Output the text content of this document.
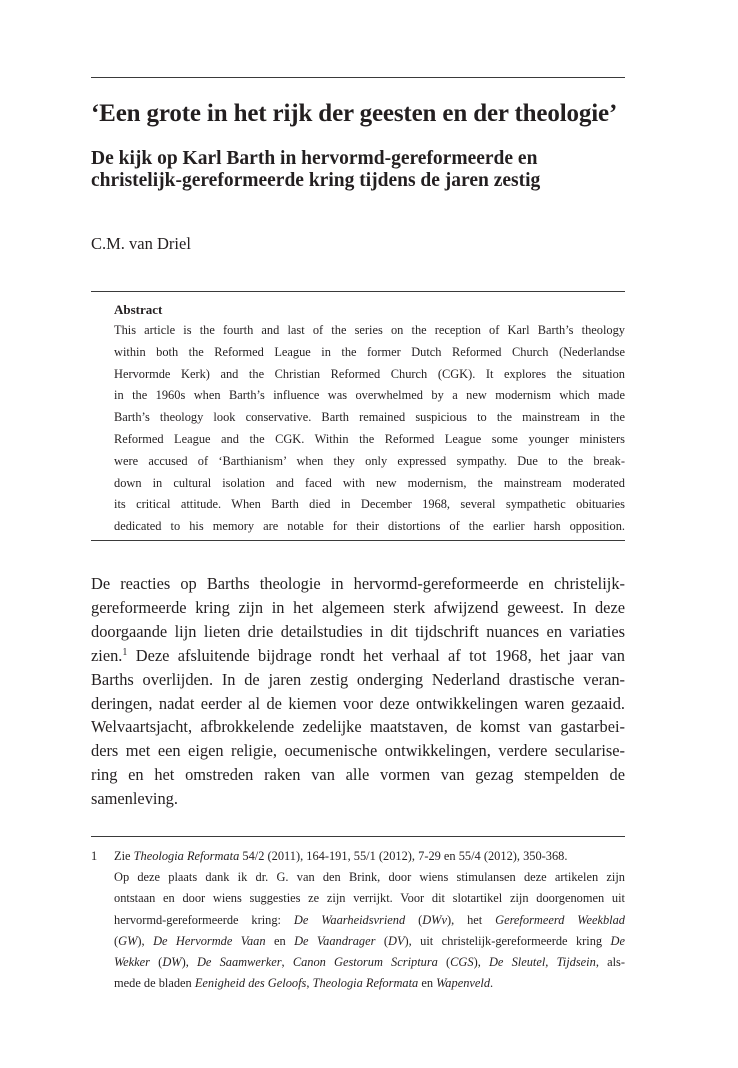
‘Een grote in het rijk der geesten en der theologie’
De kijk op Karl Barth in hervormd-gereformeerde en
christelijk-gereformeerde kring tijdens de jaren zestig

C.M. van Driel

Abstract

This article is the fourth and last of the series on the reception of Karl Barth’s theology
within both the Reformed League in the former Dutch Reformed Church (Nederlandse
Hervormde Kerk) and the Christian Reformed Church (CGK). It explores the situation
in the 1960s when Barth’s influence was overwhelmed by a new modernism which made
Barth’s theology look conservative. Barth remained suspicious to the mainstream in the
Reformed League and the CGK. Within the Reformed League some younger ministers
were accused of ‘Barthianism’ when they only expressed sympathy. Due to the break-
down in cultural isolation and faced with new modernism, the mainstream moderated
its critical attitude. When Barth died in December 1968, several sympathetic obituaries
dedicated to his memory are notable for their distortions of the earlier harsh opposition.

De reacties op Barths theologie in hervormd-gereformeerde en christelijk-
gereformeerde kring zijn in het algemeen sterk afwijzend geweest. In deze
doorgaande lijn lieten drie detailstudies in dit tijdschrift nuances en variaties
zien.$^1$ Deze afsluitende bijdrage rondt het verhaal af tot 1968, het jaar van
Barths overlijden. In de jaren zestig onderging Nederland drastische veran-
deringen, nadat eerder al de kiemen voor deze ontwikkelingen waren gezaaid.
Welvaartsjacht, afbrokkelende zedelijke maatstaven, de komst van gastarbei-
ders met een eigen religie, oecumenische ontwikkelingen, verdere secularise-
ring en het omstreden raken van alle vormen van gezag stempelden de
samenleving.

1 Zie Theologia Reformata 54/2 (2011), 164-191, 55/1 (2012), 7-29 en 55/4 (2012), 350-368.
Op deze plaats dank ik dr. G. van den Brink, door wiens stimulansen deze artikelen zijn
ontstaan en door wiens suggesties ze zijn verrijkt. Voor dit slotartikel zijn doorgenomen uit
hervormd-gereformeerde kring: De Waarheidsvriend (DWv), het Gereformeerd Weekblad
(GW), De Hervormde Vaan en De Vaandrager (DV), uit christelijk-gereformeerde kring De
Wekker (DW), De Saamwerker, Canon Gestorum Scriptura (CGS), De Sleutel, Tijdsein, als-
mede de bladen Eenigheid des Geloofs, Theologia Reformata en Wapenveld.
